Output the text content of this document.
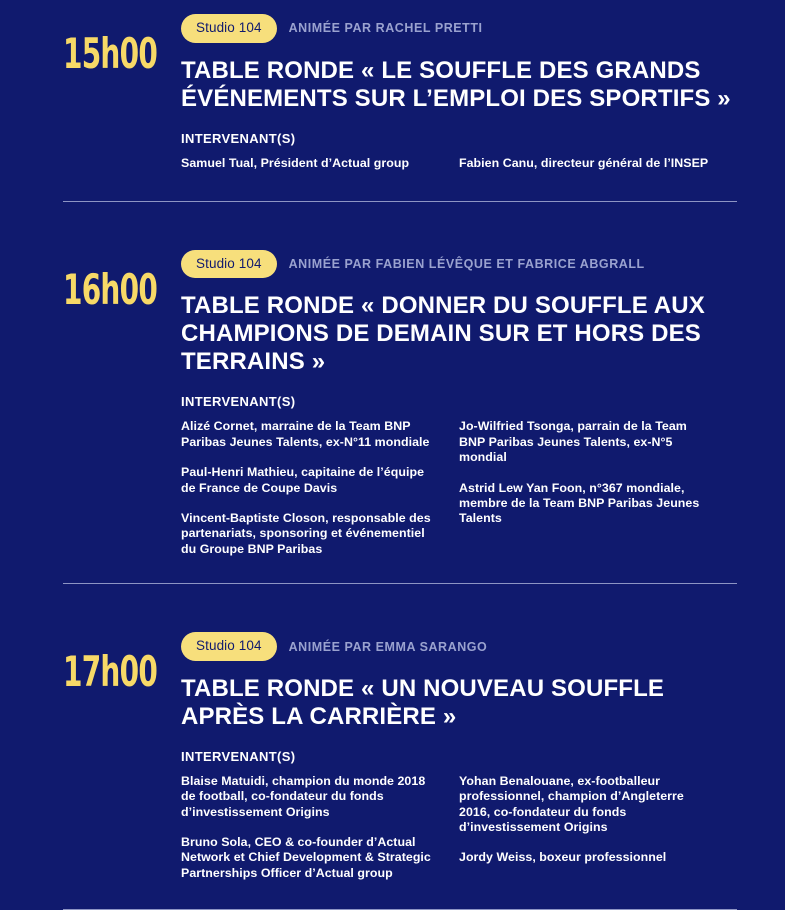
15h00
Studio 104	ANIMÉE PAR RACHEL PRETTI
TABLE RONDE « LE SOUFFLE DES GRANDS ÉVÉNEMENTS SUR L’EMPLOI DES SPORTIFS »
INTERVENANT(S)
Samuel Tual, Président d’Actual group	Fabien Canu, directeur général de l’INSEP
16h00
Studio 104	ANIMÉE PAR FABIEN LÉVÊQUE ET FABRICE ABGRALL
TABLE RONDE « DONNER DU SOUFFLE AUX CHAMPIONS DE DEMAIN SUR ET HORS DES TERRAINS »
INTERVENANT(S)
Alizé Cornet, marraine de la Team BNP Paribas Jeunes Talents, ex-N°11 mondiale
Paul-Henri Mathieu, capitaine de l’équipe de France de Coupe Davis
Vincent-Baptiste Closon, responsable des partenariats, sponsoring et événementiel du Groupe BNP Paribas
Jo-Wilfried Tsonga, parrain de la Team BNP Paribas Jeunes Talents, ex-N°5 mondial
Astrid Lew Yan Foon, n°367 mondiale, membre de la Team BNP Paribas Jeunes Talents
17h00
Studio 104	ANIMÉE PAR EMMA SARANGO
TABLE RONDE « UN NOUVEAU SOUFFLE APRÈS LA CARRIÈRE »
INTERVENANT(S)
Blaise Matuidi, champion du monde 2018 de football, co-fondateur du fonds d’investissement Origins
Bruno Sola, CEO & co-founder d’Actual Network et Chief Development & Strategic Partnerships Officer d’Actual group
Yohan Benalouane, ex-footballeur professionnel, champion d’Angleterre 2016, co-fondateur du fonds d’investissement Origins
Jordy Weiss, boxeur professionnel
